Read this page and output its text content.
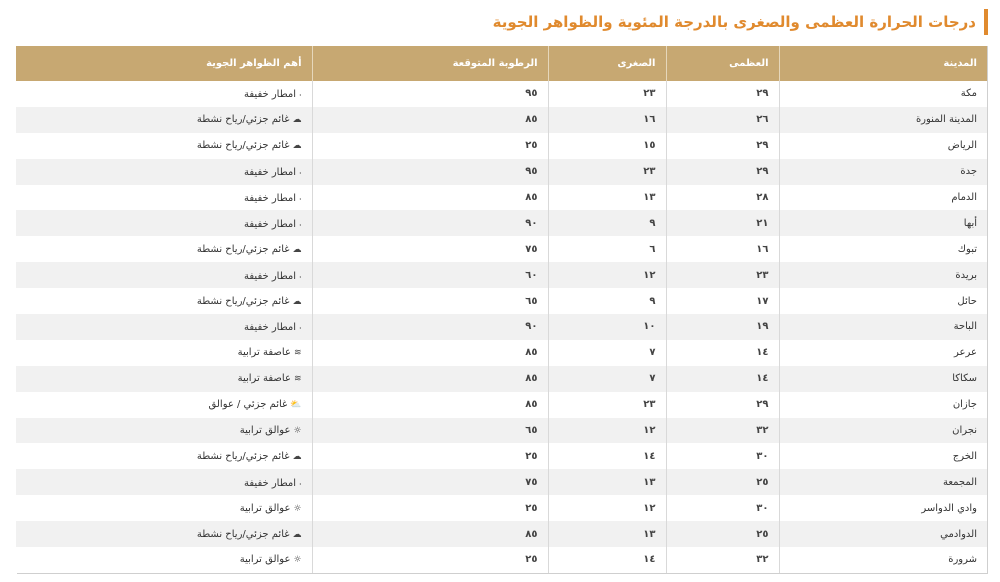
درجات الحرارة العظمى والصغرى بالدرجة المئوية والظواهر الجوية
المدينة	العظمى	الصغرى	الرطوبة المتوقعة	أهم الظواهر الجوية
مكة	٢٩	٢٣	٩٥	⸳امطار خفيفة
المدينة المنورة	٢٦	١٦	٨٥	☁غائم جزئي/رياح نشطة
الرياض	٢٩	١٥	٢٥	☁غائم جزئي/رياح نشطة
جدة	٢٩	٢٣	٩٥	⸳امطار خفيفة
الدمام	٢٨	١٣	٨٥	⸳امطار خفيفة
أبها	٢١	٩	٩٠	⸳امطار خفيفة
تبوك	١٦	٦	٧٥	☁غائم جزئي/رياح نشطة
بريدة	٢٣	١٢	٦٠	⸳امطار خفيفة
حائل	١٧	٩	٦٥	☁غائم جزئي/رياح نشطة
الباحة	١٩	١٠	٩٠	⸳امطار خفيفة
عرعر	١٤	٧	٨٥	≋عاصفة ترابية
سكاكا	١٤	٧	٨٥	≋عاصفة ترابية
جازان	٢٩	٢٣	٨٥	⛅غائم جزئي / عوالق
نجران	٣٢	١٢	٦٥	☼عوالق ترابية
الخرج	٣٠	١٤	٢٥	☁غائم جزئي/رياح نشطة
المجمعة	٢٥	١٣	٧٥	⸳امطار خفيفة
وادي الدواسر	٣٠	١٢	٢٥	☼عوالق ترابية
الدوادمي	٢٥	١٣	٨٥	☁غائم جزئي/رياح نشطة
شرورة	٣٢	١٤	٢٥	☼عوالق ترابية
